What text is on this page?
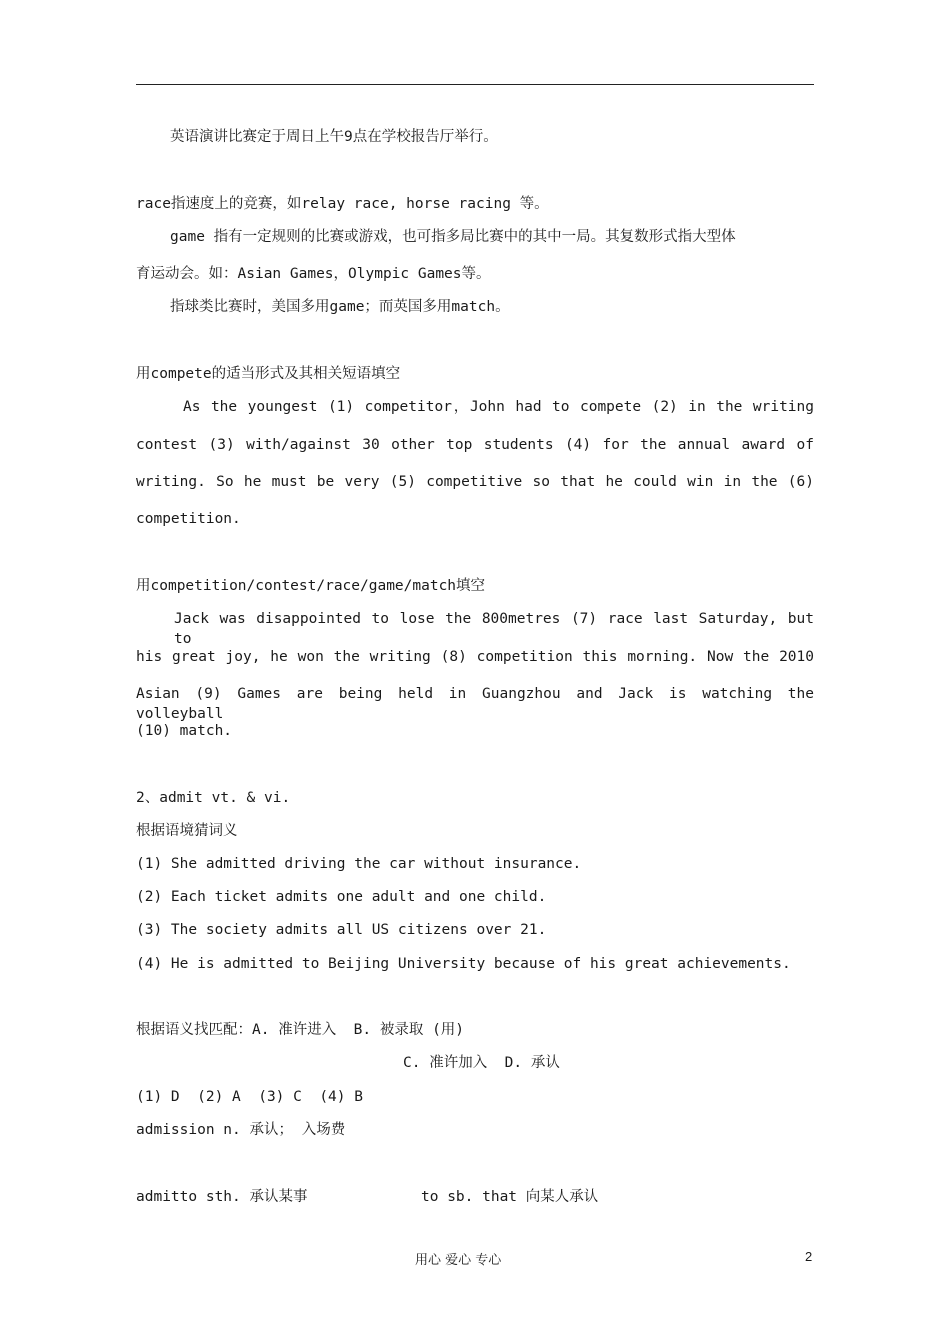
英语演讲比赛定于周日上午9点在学校报告厅举行。
race指速度上的竞赛，如relay race, horse racing 等。
game 指有一定规则的比赛或游戏，也可指多局比赛中的其中一局。其复数形式指大型体
育运动会。如：Asian Games，Olympic Games等。
指球类比赛时，美国多用game；而英国多用match。
用compete的适当形式及其相关短语填空
As the youngest (1) competitor，John had to compete (2) in the writing
contest (3) with/against 30 other top students (4) for the annual award of
writing. So he must be very (5) competitive so that he could win in the (6)
competition.
用competition/contest/race/game/match填空
Jack was disappointed to lose the 800metres (7) race last Saturday, but to
his great joy, he won the writing (8) competition this morning. Now the 2010
Asian (9) Games are being held in Guangzhou and Jack is watching the volleyball
(10) match.
2、admit vt. & vi.
根据语境猜词义
(1) She admitted driving the car without insurance.
(2) Each ticket admits one adult and one child.
(3) The society admits all US citizens over 21.
(4) He is admitted to Beijing University because of his great achievements.
根据语义找匹配：A. 准许进入  B. 被录取 (用)
C. 准许加入  D. 承认
(1) D  (2) A  (3) C  (4) B
admission n. 承认； 入场费
admitto sth. 承认某事	to sb. that 向某人承认
用心 爱心 专心	2
